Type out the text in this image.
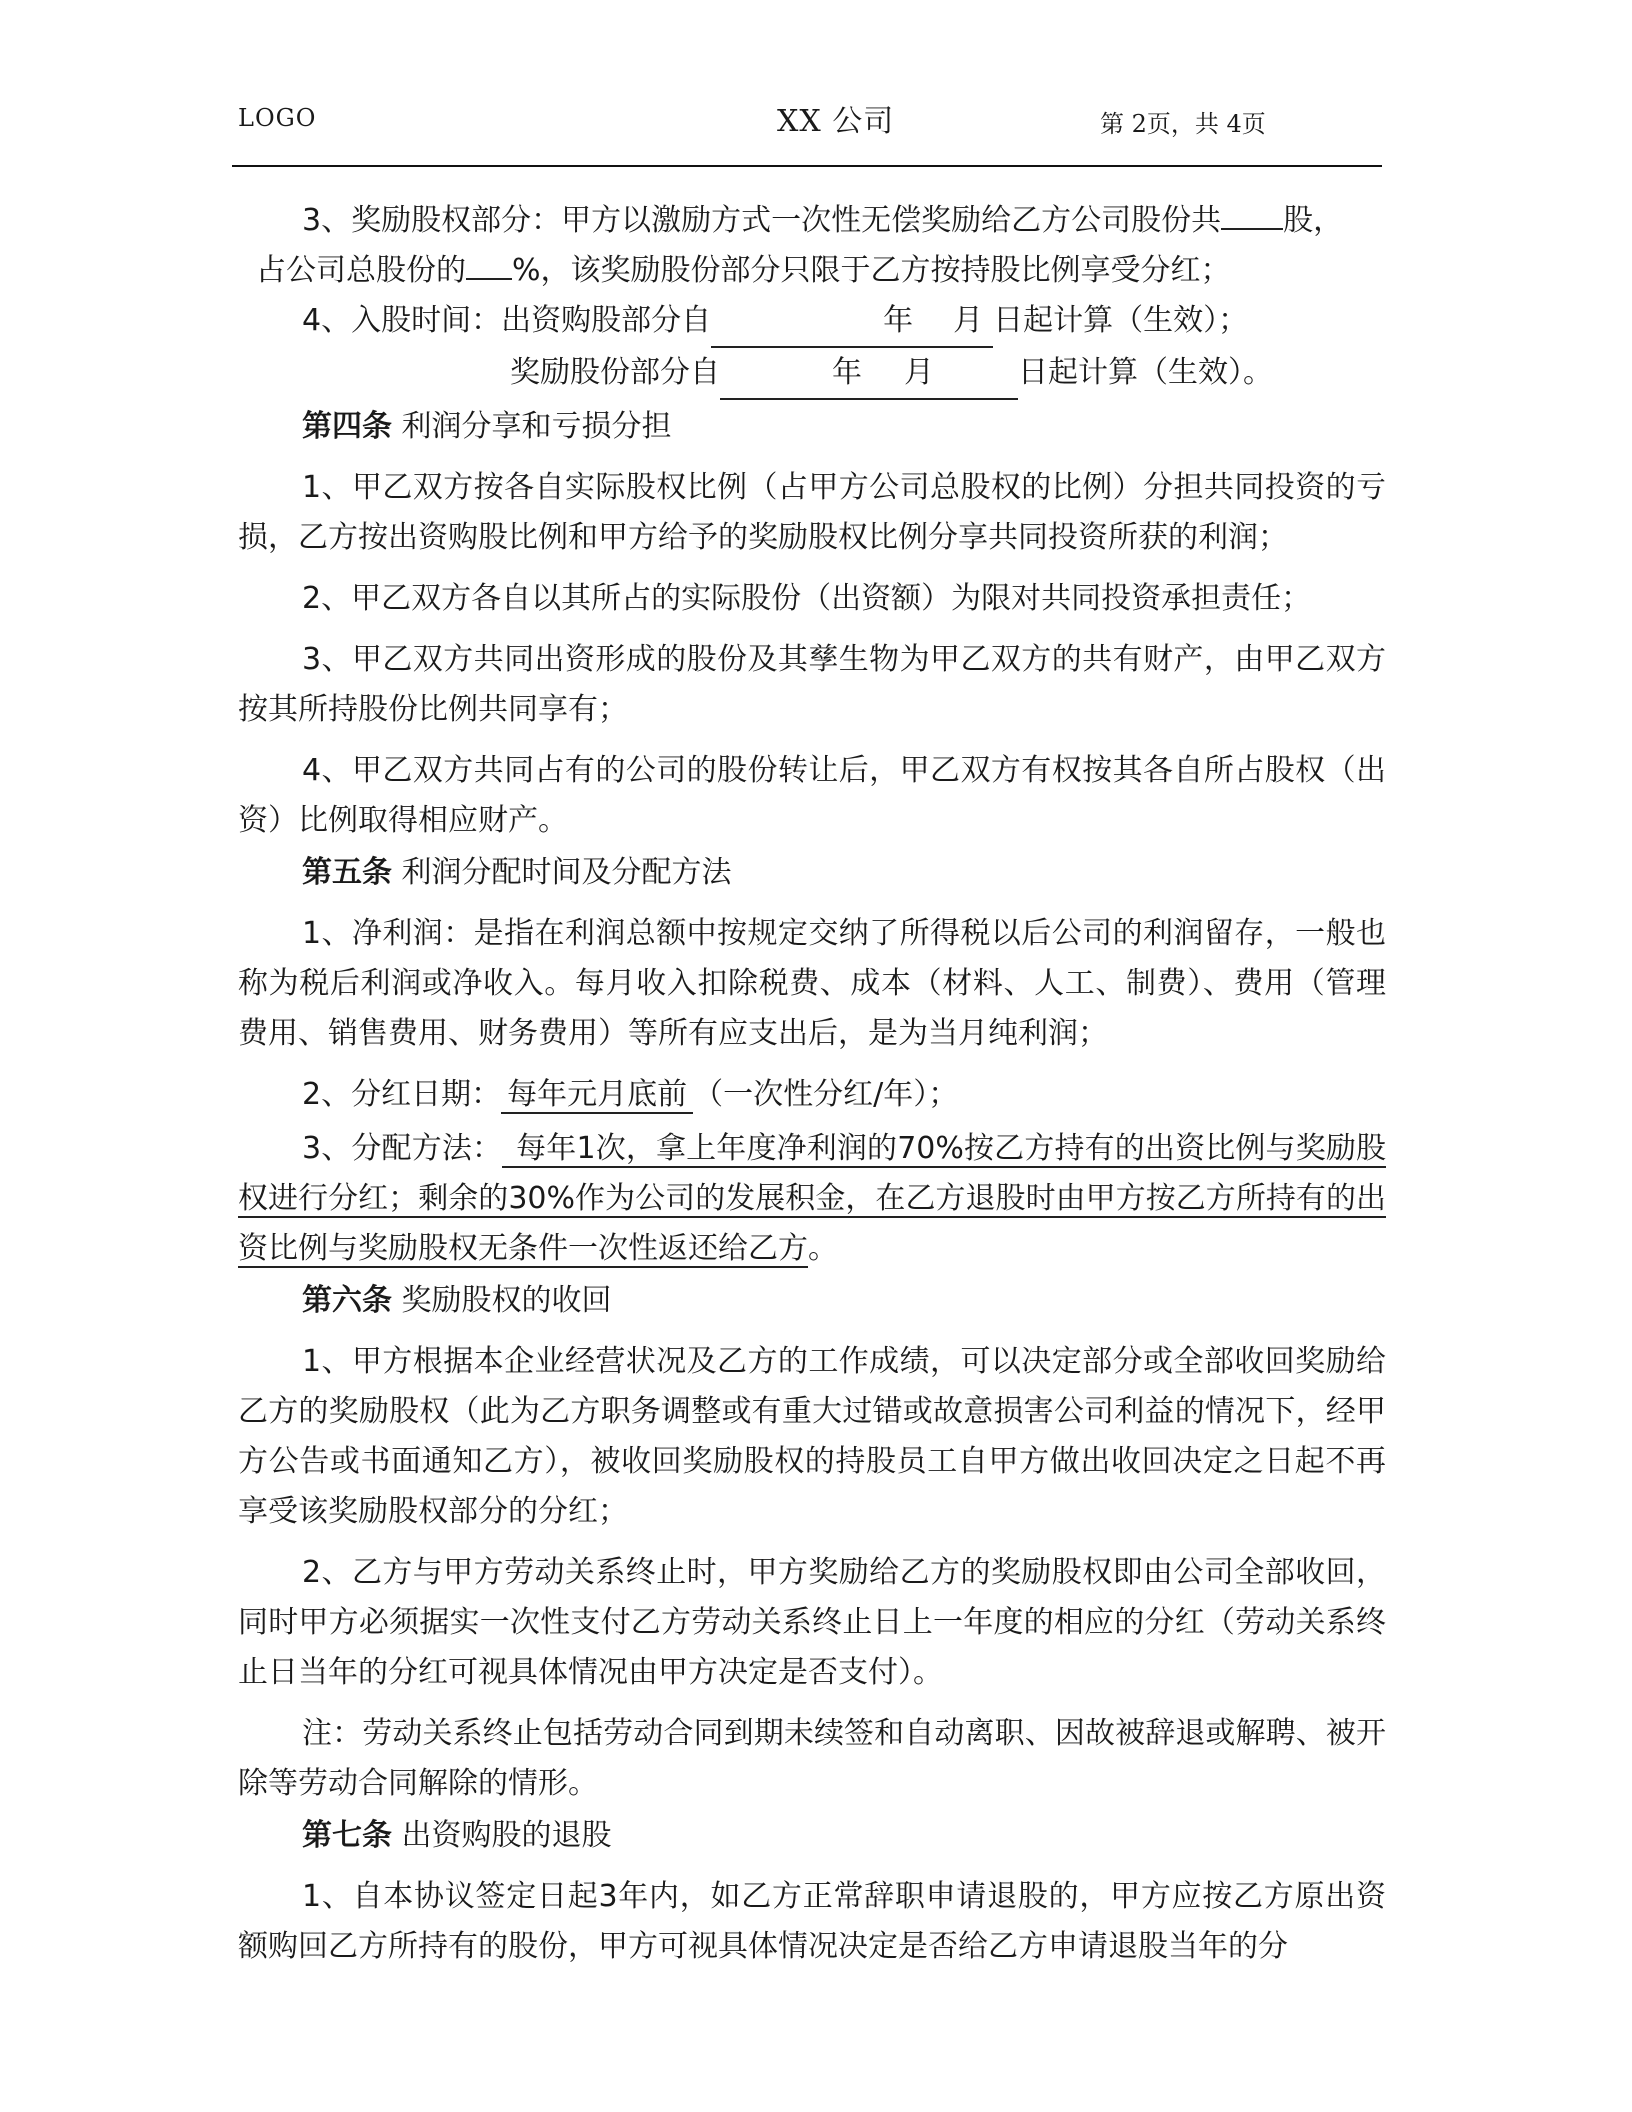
LOGO	XX 公司	第 2页，共 4页

3、奖励股权部分：甲方以激励方式一次性无偿奖励给乙方公司股份共 股，

占公司总股份的 %，该奖励股份部分只限于乙方按持股比例享受分红；

4、入股时间：出资购股部分自	年 月 日起计算（生效）；

奖励股份部分自	年 月	日起计算（生效）。

第四条 利润分享和亏损分担

1、甲乙双方按各自实际股权比例（占甲方公司总股权的比例）分担共同投资的亏损，乙方按出资购股比例和甲方给予的奖励股权比例分享共同投资所获的利润；

2、甲乙双方各自以其所占的实际股份（出资额）为限对共同投资承担责任；

3、甲乙双方共同出资形成的股份及其孳生物为甲乙双方的共有财产，由甲乙双方按其所持股份比例共同享有；

4、甲乙双方共同占有的公司的股份转让后，甲乙双方有权按其各自所占股权（出资）比例取得相应财产。

第五条 利润分配时间及分配方法

1、净利润：是指在利润总额中按规定交纳了所得税以后公司的利润留存，一般也称为税后利润或净收入。每月收入扣除税费、成本（材料、人工、制费）、费用（管理费用、销售费用、财务费用）等所有应支出后，是为当月纯利润；

2、分红日期： 每年元月底前 （一次性分红/年）；

3、分配方法： 每年1次，拿上年度净利润的70%按乙方持有的出资比例与奖励股权进行分红；剩余的30%作为公司的发展积金，在乙方退股时由甲方按乙方所持有的出资比例与奖励股权无条件一次性返还给乙方。

第六条 奖励股权的收回

1、甲方根据本企业经营状况及乙方的工作成绩，可以决定部分或全部收回奖励给乙方的奖励股权（此为乙方职务调整或有重大过错或故意损害公司利益的情况下，经甲方公告或书面通知乙方），被收回奖励股权的持股员工自甲方做出收回决定之日起不再享受该奖励股权部分的分红；

2、乙方与甲方劳动关系终止时，甲方奖励给乙方的奖励股权即由公司全部收回，同时甲方必须据实一次性支付乙方劳动关系终止日上一年度的相应的分红（劳动关系终止日当年的分红可视具体情况由甲方决定是否支付）。

注：劳动关系终止包括劳动合同到期未续签和自动离职、因故被辞退或解聘、被开除等劳动合同解除的情形。

第七条 出资购股的退股

1、自本协议签定日起3年内，如乙方正常辞职申请退股的，甲方应按乙方原出资额购回乙方所持有的股份，甲方可视具体情况决定是否给乙方申请退股当年的分
